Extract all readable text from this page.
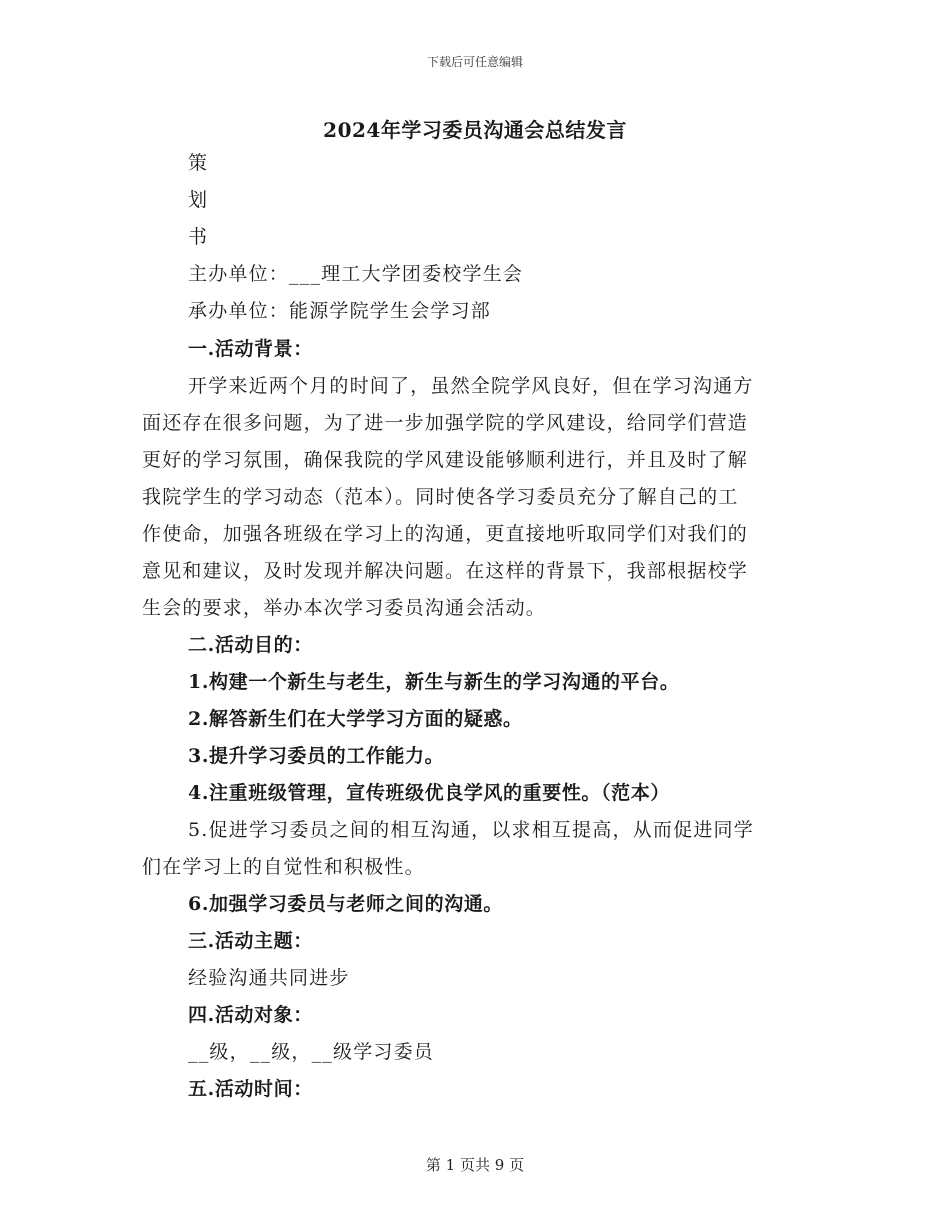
下载后可任意编辑
2024年学习委员沟通会总结发言
策
划
书
主办单位：___理工大学团委校学生会
承办单位：能源学院学生会学习部
一.活动背景：
开学来近两个月的时间了，虽然全院学风良好，但在学习沟通方
面还存在很多问题，为了进一步加强学院的学风建设，给同学们营造
更好的学习氛围，确保我院的学风建设能够顺利进行，并且及时了解
我院学生的学习动态（范本）。同时使各学习委员充分了解自己的工
作使命，加强各班级在学习上的沟通，更直接地听取同学们对我们的
意见和建议，及时发现并解决问题。在这样的背景下，我部根据校学
生会的要求，举办本次学习委员沟通会活动。
二.活动目的：
1.构建一个新生与老生，新生与新生的学习沟通的平台。
2.解答新生们在大学学习方面的疑惑。
3.提升学习委员的工作能力。
4.注重班级管理，宣传班级优良学风的重要性。（范本）
5.促进学习委员之间的相互沟通，以求相互提高，从而促进同学
们在学习上的自觉性和积极性。
6.加强学习委员与老师之间的沟通。
三.活动主题：
经验沟通共同进步
四.活动对象：
__级，__级，__级学习委员
五.活动时间：
第 1 页共 9 页
